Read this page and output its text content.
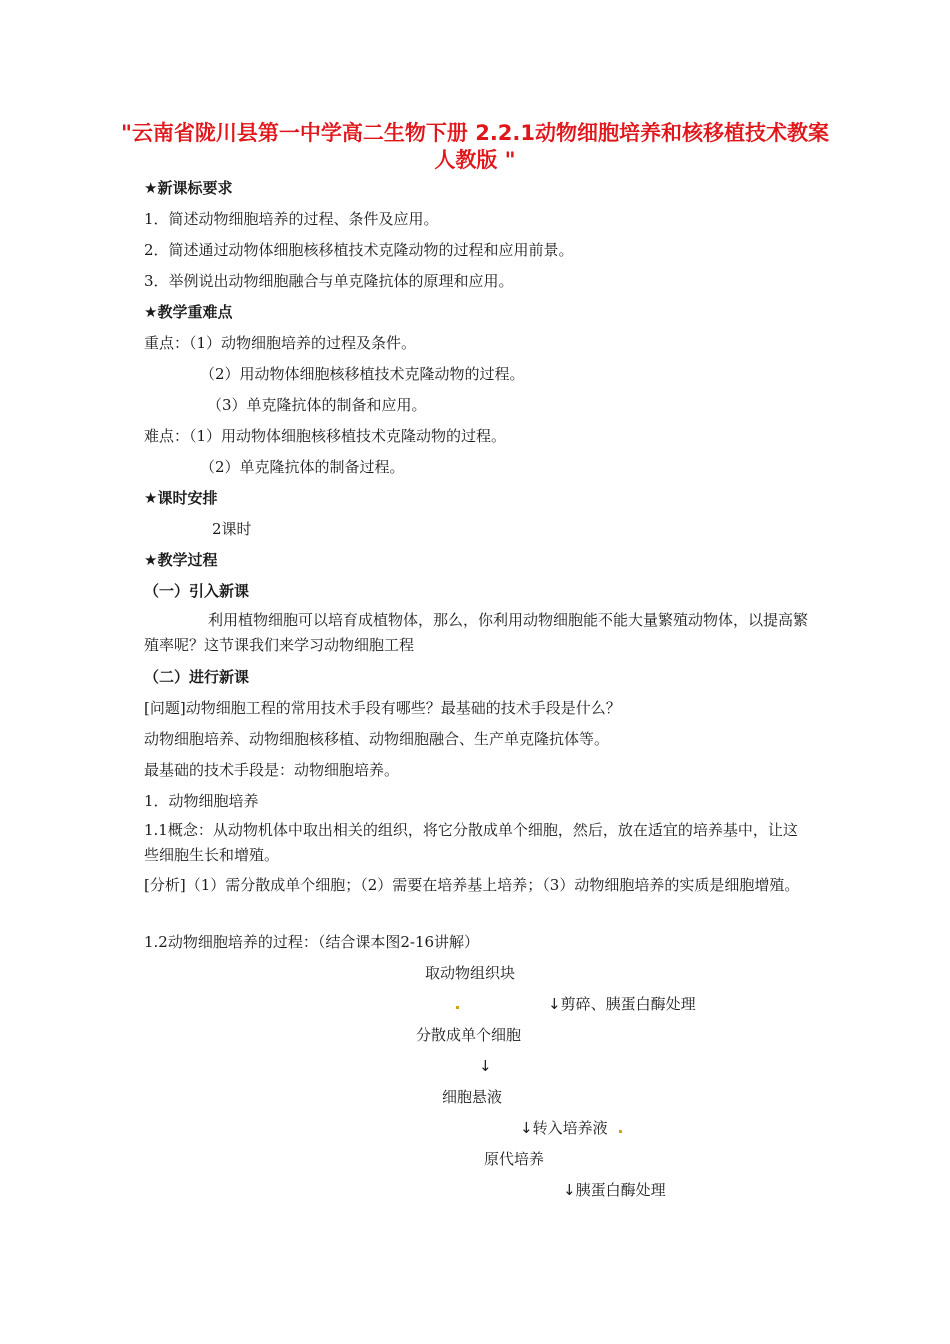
"云南省陇川县第一中学高二生物下册 2.2.1动物细胞培养和核移植技术教案 人教版 "
★新课标要求
1．简述动物细胞培养的过程、条件及应用。
2．简述通过动物体细胞核移植技术克隆动物的过程和应用前景。
3．举例说出动物细胞融合与单克隆抗体的原理和应用。
★教学重难点
重点：（1）动物细胞培养的过程及条件。
（2）用动物体细胞核移植技术克隆动物的过程。
（3）单克隆抗体的制备和应用。
难点：（1）用动物体细胞核移植技术克隆动物的过程。
（2）单克隆抗体的制备过程。
★课时安排
2课时
★教学过程
（一）引入新课
利用植物细胞可以培育成植物体，那么，你利用动物细胞能不能大量繁殖动物体，以提高繁殖率呢？这节课我们来学习动物细胞工程
（二）进行新课
[问题]动物细胞工程的常用技术手段有哪些？最基础的技术手段是什么？
动物细胞培养、动物细胞核移植、动物细胞融合、生产单克隆抗体等。
最基础的技术手段是：动物细胞培养。
1．动物细胞培养
1.1概念：从动物机体中取出相关的组织，将它分散成单个细胞，然后，放在适宜的培养基中，让这些细胞生长和增殖。
[分析]（1）需分散成单个细胞；（2）需要在培养基上培养；（3）动物细胞培养的实质是细胞增殖。
1.2动物细胞培养的过程：（结合课本图2-16讲解）
取动物组织块
↓剪碎、胰蛋白酶处理
分散成单个细胞
↓
细胞悬液
↓转入培养液
原代培养
↓胰蛋白酶处理
